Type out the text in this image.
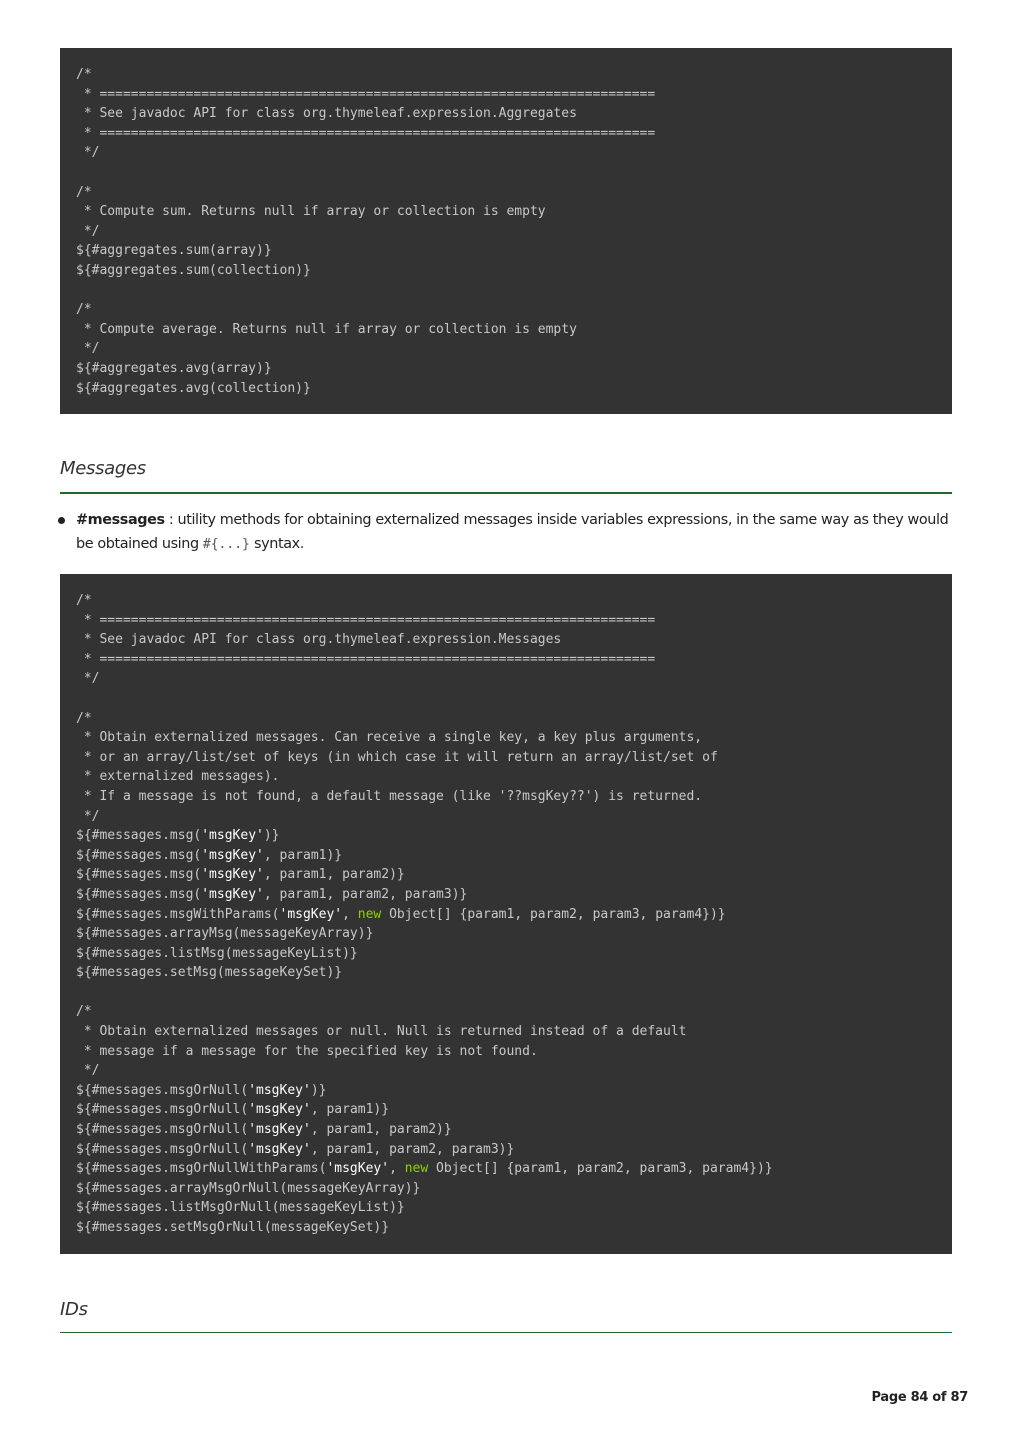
/*
* =======================================================================
* See javadoc API for class org.thymeleaf.expression.Aggregates
* =======================================================================
*/
/*
* Compute sum. Returns null if array or collection is empty
*/
${#aggregates.sum(array)}
${#aggregates.sum(collection)}
/*
* Compute average. Returns null if array or collection is empty
*/
${#aggregates.avg(array)}
${#aggregates.avg(collection)}
Messages
#messages : utility methods for obtaining externalized messages inside variables expressions, in the same way as they would be obtained using #{...} syntax.
/*
* =======================================================================
* See javadoc API for class org.thymeleaf.expression.Messages
* =======================================================================
*/
/*
* Obtain externalized messages. Can receive a single key, a key plus arguments,
* or an array/list/set of keys (in which case it will return an array/list/set of
* externalized messages).
* If a message is not found, a default message (like '??msgKey??') is returned.
*/
${#messages.msg('msgKey')}
${#messages.msg('msgKey', param1)}
${#messages.msg('msgKey', param1, param2)}
${#messages.msg('msgKey', param1, param2, param3)}
${#messages.msgWithParams('msgKey', new Object[] {param1, param2, param3, param4})}
${#messages.arrayMsg(messageKeyArray)}
${#messages.listMsg(messageKeyList)}
${#messages.setMsg(messageKeySet)}
/*
* Obtain externalized messages or null. Null is returned instead of a default
* message if a message for the specified key is not found.
*/
${#messages.msgOrNull('msgKey')}
${#messages.msgOrNull('msgKey', param1)}
${#messages.msgOrNull('msgKey', param1, param2)}
${#messages.msgOrNull('msgKey', param1, param2, param3)}
${#messages.msgOrNullWithParams('msgKey', new Object[] {param1, param2, param3, param4})}
${#messages.arrayMsgOrNull(messageKeyArray)}
${#messages.listMsgOrNull(messageKeyList)}
${#messages.setMsgOrNull(messageKeySet)}
IDs
Page 84 of 87
